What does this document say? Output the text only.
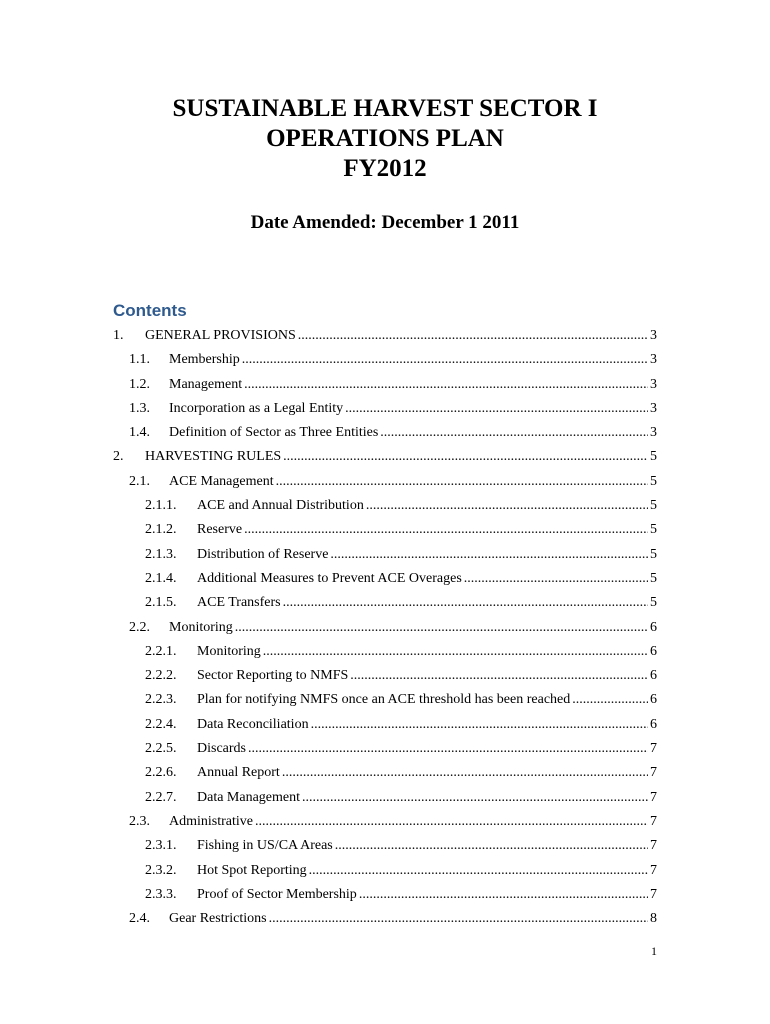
SUSTAINABLE HARVEST SECTOR I
OPERATIONS PLAN
FY2012
Date Amended: December 1 2011
Contents
1. GENERAL PROVISIONS .....	3
1.1. Membership .....	3
1.2. Management .....	3
1.3. Incorporation as a Legal Entity .....	3
1.4. Definition of Sector as Three Entities .....	3
2. HARVESTING RULES .....	5
2.1. ACE Management .....	5
2.1.1. ACE and Annual Distribution .....	5
2.1.2. Reserve .....	5
2.1.3. Distribution of Reserve .....	5
2.1.4. Additional Measures to Prevent ACE Overages .....	5
2.1.5. ACE Transfers .....	5
2.2. Monitoring .....	6
2.2.1. Monitoring .....	6
2.2.2. Sector Reporting to NMFS .....	6
2.2.3. Plan for notifying NMFS once an ACE threshold has been reached .....	6
2.2.4. Data Reconciliation .....	6
2.2.5. Discards .....	7
2.2.6. Annual Report .....	7
2.2.7. Data Management .....	7
2.3. Administrative .....	7
2.3.1. Fishing in US/CA Areas .....	7
2.3.2. Hot Spot Reporting .....	7
2.3.3. Proof of Sector Membership .....	7
2.4. Gear Restrictions .....	8
1
